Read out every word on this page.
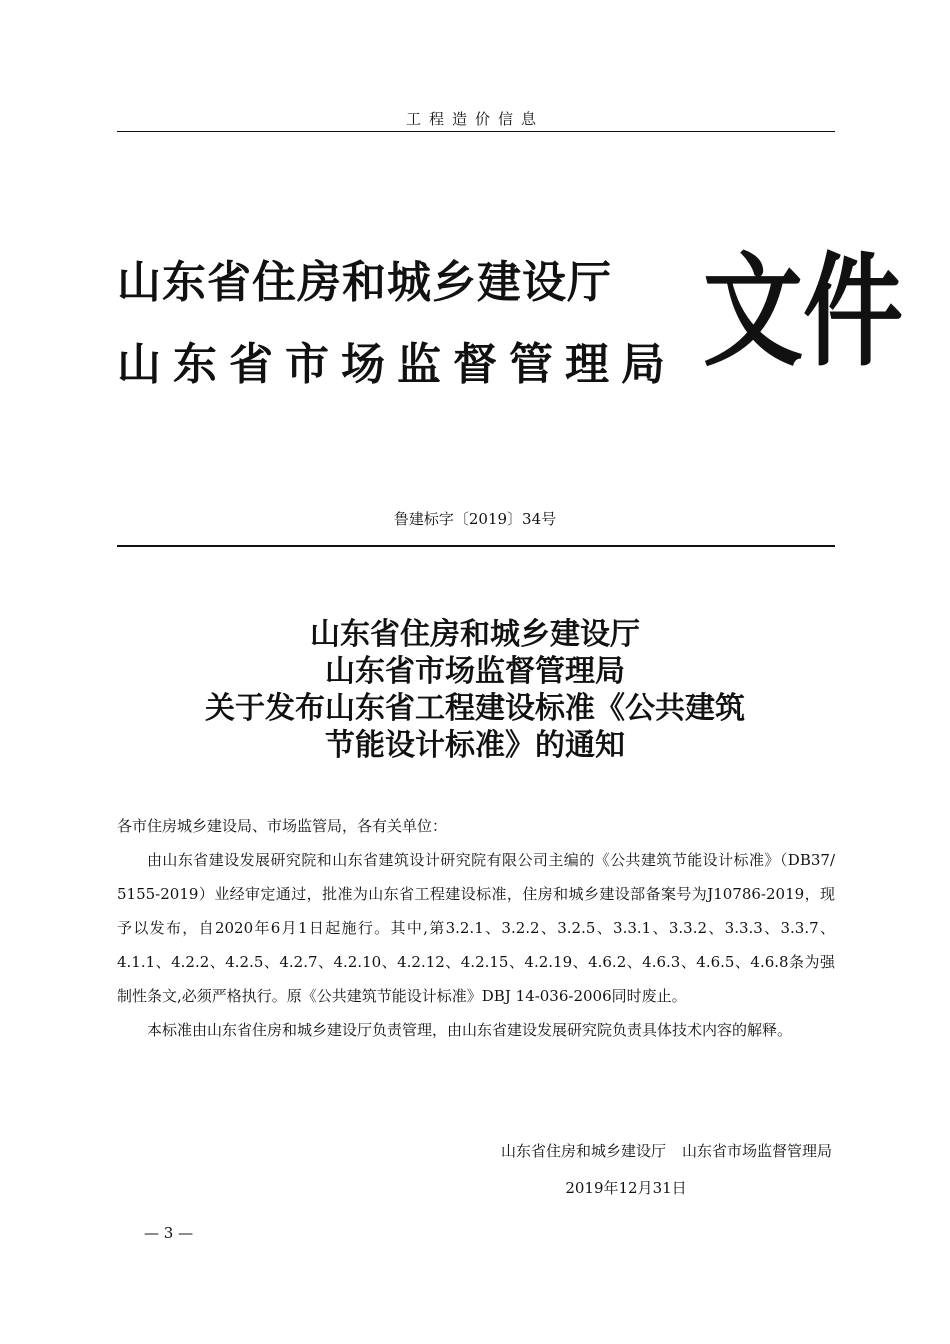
工程造价信息
山东省住房和城乡建设厅
山东省市场监督管理局 文件
鲁建标字〔2019〕34号
山东省住房和城乡建设厅
山东省市场监督管理局
关于发布山东省工程建设标准《公共建筑
节能设计标准》的通知

各市住房城乡建设局、市场监管局，各有关单位：

由山东省建设发展研究院和山东省建筑设计研究院有限公司主编的《公共建筑节能设计标准》（DB37/ 5155-2019）业经审定通过，批准为山东省工程建设标准，住房和城乡建设部备案号为J10786-2019，现予以发布，自2020年6月1日起施行。其中,第3.2.1、3.2.2、3.2.5、3.3.1、3.3.2、3.3.3、3.3.7、4.1.1、4.2.2、4.2.5、4.2.7、4.2.10、4.2.12、4.2.15、4.2.19、4.6.2、4.6.3、4.6.5、4.6.8条为强制性条文,必须严格执行。原《公共建筑节能设计标准》DBJ 14-036-2006同时废止。

本标准由山东省住房和城乡建设厅负责管理，由山东省建设发展研究院负责具体技术内容的解释。

山东省住房和城乡建设厅 山东省市场监督管理局
2019年12月31日
— 3 —
